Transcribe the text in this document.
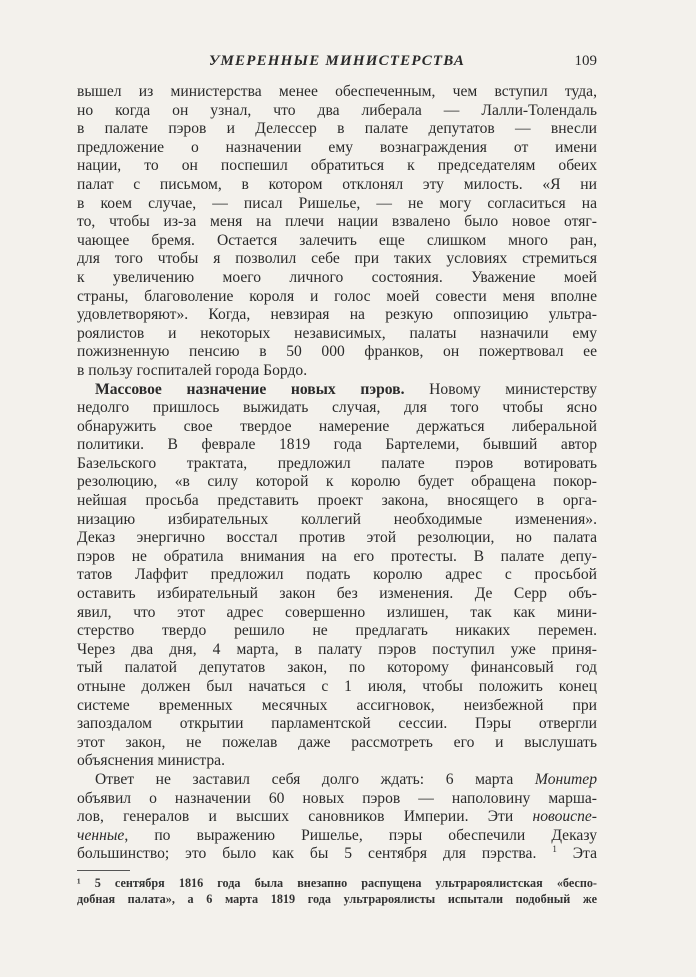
УМЕРЕННЫЕ МИНИСТЕРСТВА	109
вышел из министерства менее обеспеченным, чем вступил туда,
но когда он узнал, что два либерала — Лалли-Толендаль
в палате пэров и Делессер в палате депутатов — внесли
предложение о назначении ему вознаграждения от имени
нации, то он поспешил обратиться к председателям обеих
палат с письмом, в котором отклонял эту милость. «Я ни
в коем случае, — писал Ришелье, — не могу согласиться на
то, чтобы из-за меня на плечи нации взвалено было новое отяг-
чающее бремя. Остается залечить еще слишком много ран,
для того чтобы я позволил себе при таких условиях стремиться
к увеличению моего личного состояния. Уважение моей
страны, благоволение короля и голос моей совести меня вполне
удовлетворяют». Когда, невзирая на резкую оппозицию ультра-
роялистов и некоторых независимых, палаты назначили ему
пожизненную пенсию в 50 000 франков, он пожертвовал ее
в пользу госпиталей города Бордо.
Массовое назначение новых пэров. Новому министерству
недолго пришлось выжидать случая, для того чтобы ясно
обнаружить свое твердое намерение держаться либеральной
политики. В феврале 1819 года Бартелеми, бывший автор
Базельского трактата, предложил палате пэров вотировать
резолюцию, «в силу которой к королю будет обращена покор-
нейшая просьба представить проект закона, вносящего в орга-
низацию избирательных коллегий необходимые изменения».
Деказ энергично восстал против этой резолюции, но палата
пэров не обратила внимания на его протесты. В палате депу-
татов Лаффит предложил подать королю адрес с просьбой
оставить избирательный закон без изменения. Де Серр объ-
явил, что этот адрес совершенно излишен, так как мини-
стерство твердо решило не предлагать никаких перемен.
Через два дня, 4 марта, в палату пэров поступил уже приня-
тый палатой депутатов закон, по которому финансовый год
отныне должен был начаться с 1 июля, чтобы положить конец
системе временных месячных ассигновок, неизбежной при
запоздалом открытии парламентской сессии. Пэры отвергли
этот закон, не пожелав даже рассмотреть его и выслушать
объяснения министра.
Ответ не заставил себя долго ждать: 6 марта Монитер
объявил о назначении 60 новых пэров — наполовину марша-
лов, генералов и высших сановников Империи. Эти новоиспе-
ченные, по выражению Ришелье, пэры обеспечили Деказу
большинство; это было как бы 5 сентября для пэрства. $^1$ Эта
¹ 5 сентября 1816 года была внезапно распущена ультрароялистская «беспо-
добная палата», а 6 марта 1819 года ультрароялисты испытали подобный же
